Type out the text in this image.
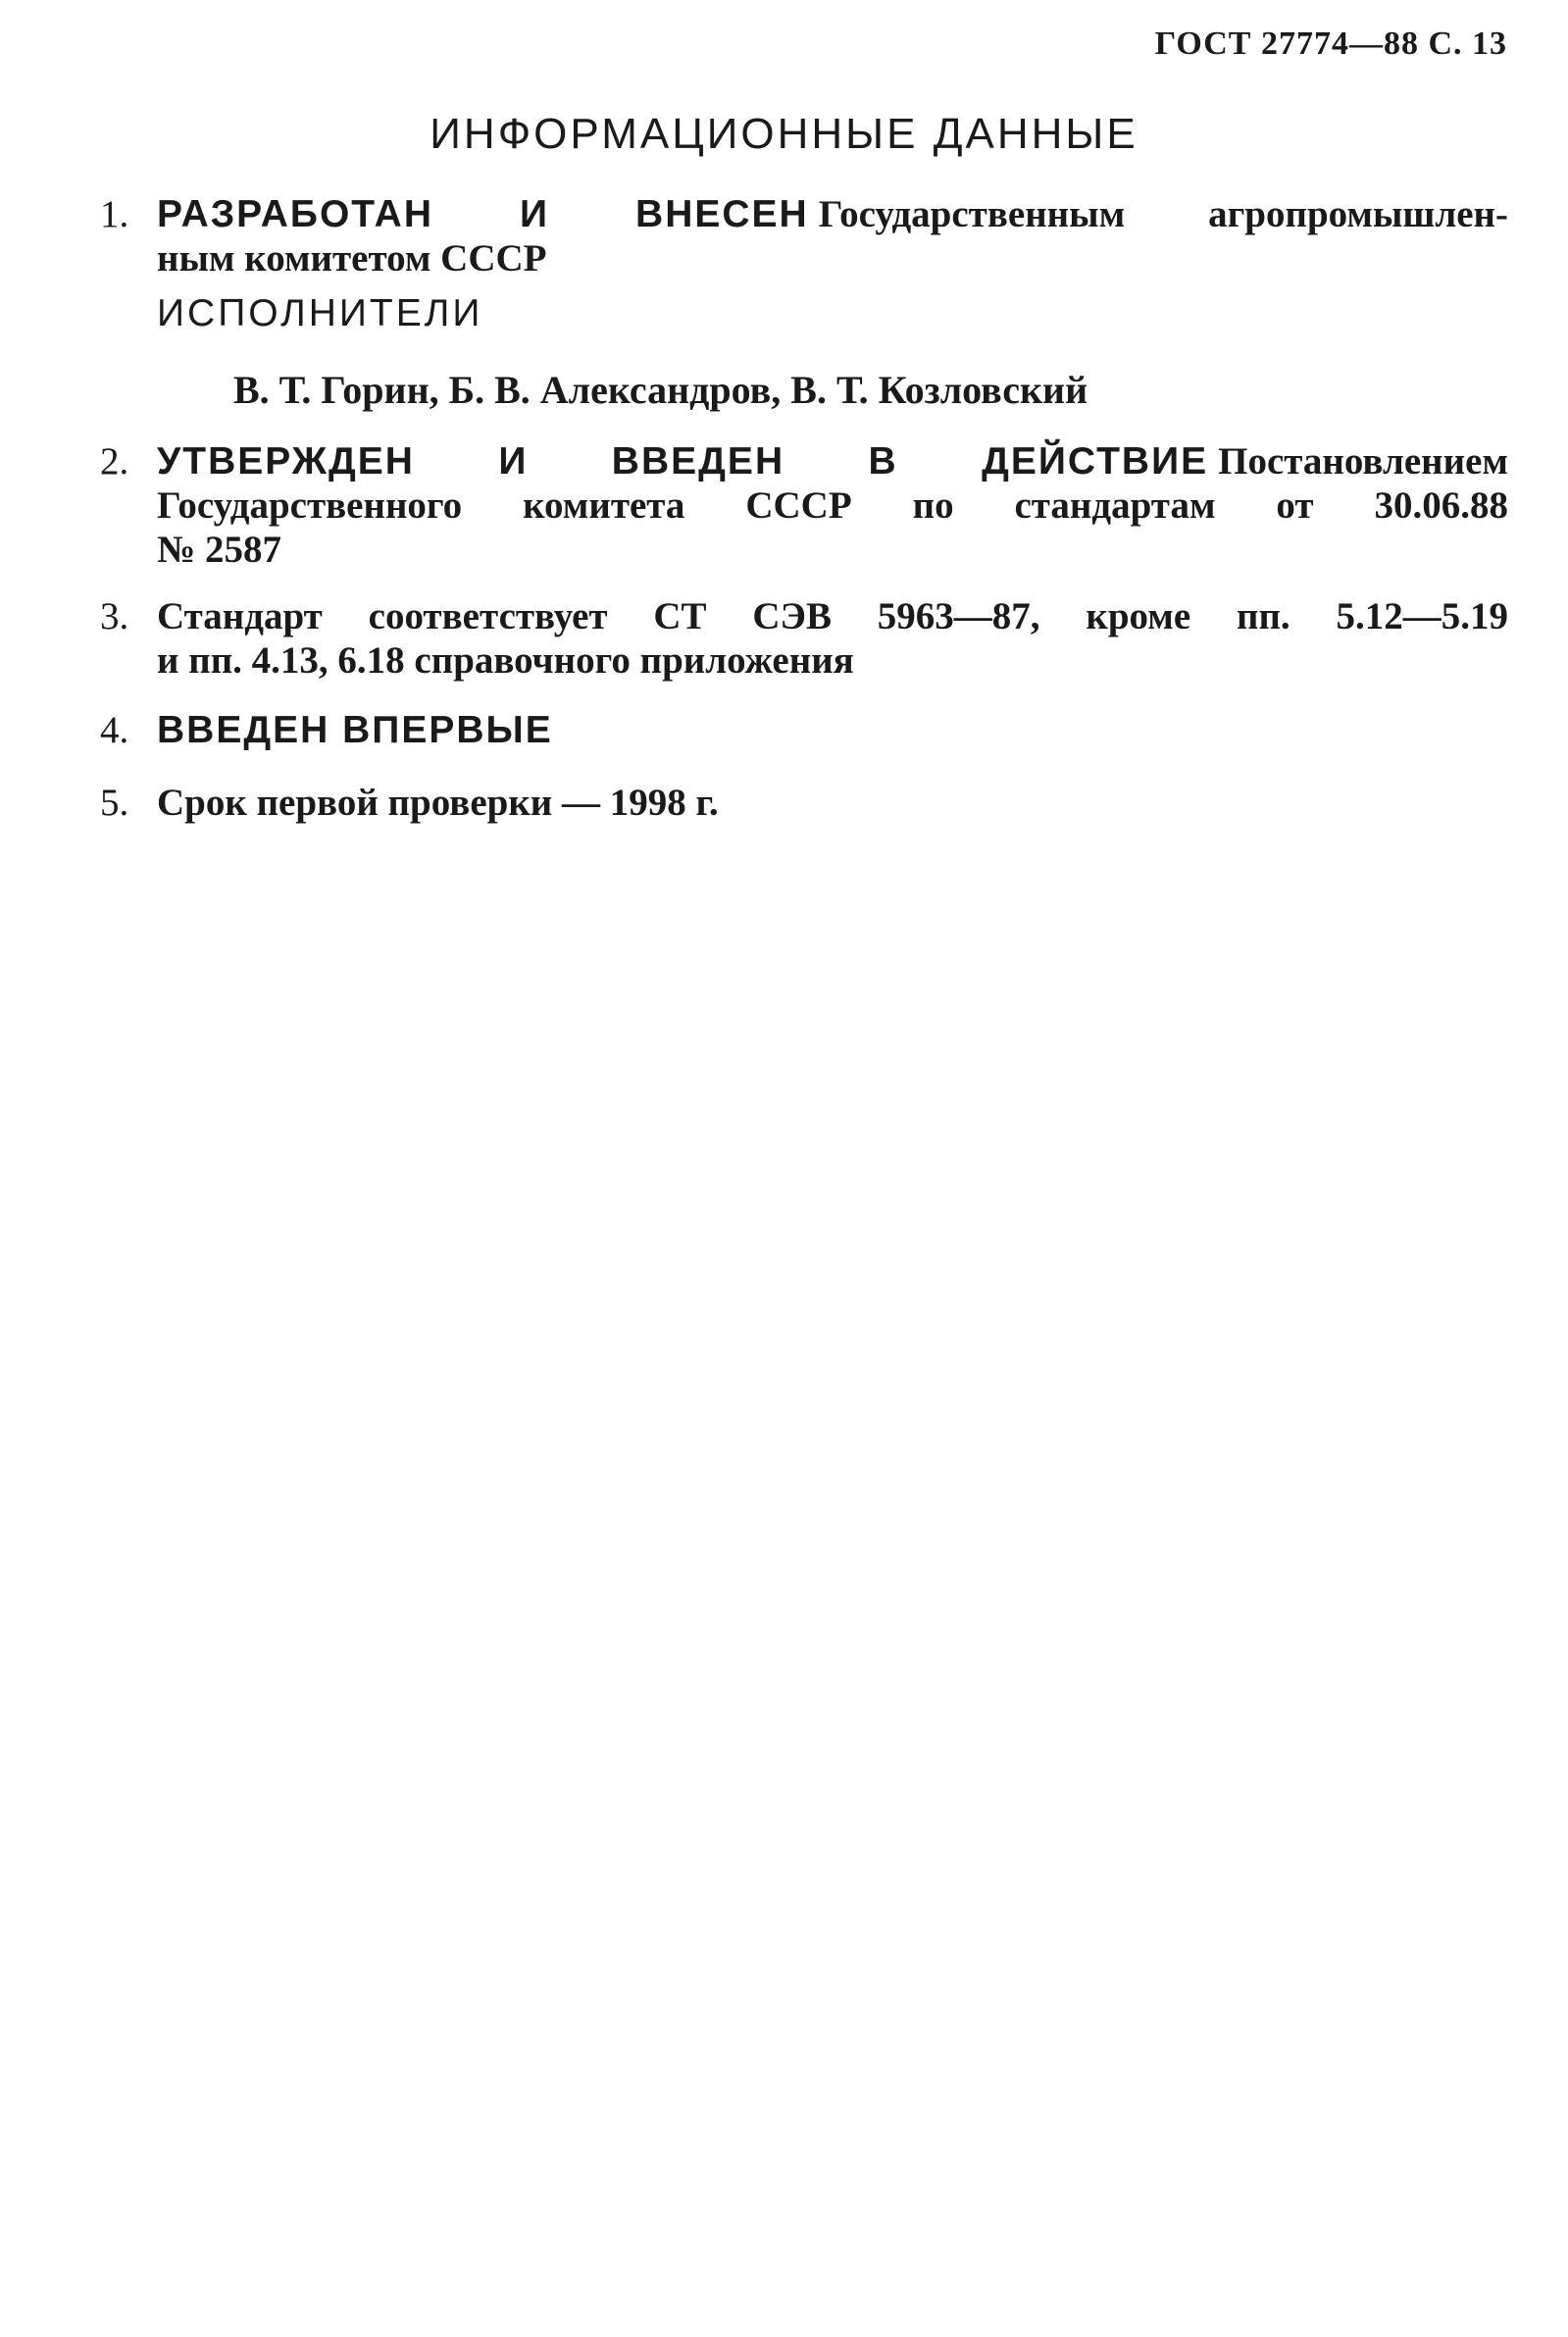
ГОСТ 27774—88 С. 13
ИНФОРМАЦИОННЫЕ ДАННЫЕ
1. РАЗРАБОТАН И ВНЕСЕН Государственным агропромышлен-
ным комитетом СССР
ИСПОЛНИТЕЛИ
В. Т. Горин, Б. В. Александров, В. Т. Козловский
2. УТВЕРЖДЕН И ВВЕДЕН В ДЕЙСТВИЕ Постановлением
Государственного комитета СССР по стандартам от 30.06.88
№ 2587
3. Стандарт соответствует СТ СЭВ 5963—87, кроме пп. 5.12—5.19
и пп. 4.13, 6.18 справочного приложения
4. ВВЕДЕН ВПЕРВЫЕ
5. Срок первой проверки — 1998 г.
